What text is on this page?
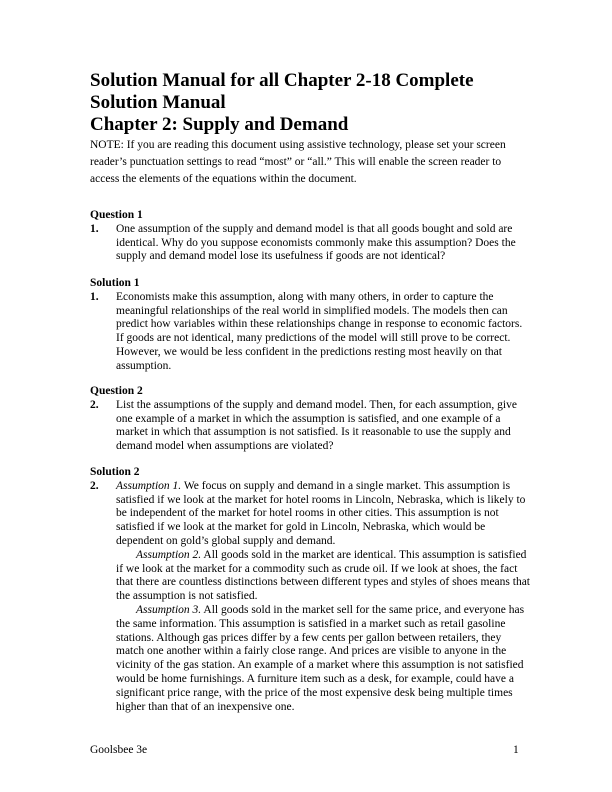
Solution Manual for all Chapter 2-18 Complete Solution Manual
Chapter 2: Supply and Demand
NOTE: If you are reading this document using assistive technology, please set your screen reader’s punctuation settings to read “most” or “all.” This will enable the screen reader to access the elements of the equations within the document.

Question 1

1. One assumption of the supply and demand model is that all goods bought and sold are identical. Why do you suppose economists commonly make this assumption? Does the supply and demand model lose its usefulness if goods are not identical?

Solution 1

1. Economists make this assumption, along with many others, in order to capture the meaningful relationships of the real world in simplified models. The models then can predict how variables within these relationships change in response to economic factors. If goods are not identical, many predictions of the model will still prove to be correct. However, we would be less confident in the predictions resting most heavily on that assumption.

Question 2

2. List the assumptions of the supply and demand model. Then, for each assumption, give one example of a market in which the assumption is satisfied, and one example of a market in which that assumption is not satisfied. Is it reasonable to use the supply and demand model when assumptions are violated?

Solution 2

2. Assumption 1. We focus on supply and demand in a single market. This assumption is satisfied if we look at the market for hotel rooms in Lincoln, Nebraska, which is likely to be independent of the market for hotel rooms in other cities. This assumption is not satisfied if we look at the market for gold in Lincoln, Nebraska, which would be dependent on gold’s global supply and demand.

Assumption 2. All goods sold in the market are identical. This assumption is satisfied if we look at the market for a commodity such as crude oil. If we look at shoes, the fact that there are countless distinctions between different types and styles of shoes means that the assumption is not satisfied.

Assumption 3. All goods sold in the market sell for the same price, and everyone has the same information. This assumption is satisfied in a market such as retail gasoline stations. Although gas prices differ by a few cents per gallon between retailers, they match one another within a fairly close range. And prices are visible to anyone in the vicinity of the gas station. An example of a market where this assumption is not satisfied would be home furnishings. A furniture item such as a desk, for example, could have a significant price range, with the price of the most expensive desk being multiple times higher than that of an inexpensive one.

Goolsbee 3e	1
